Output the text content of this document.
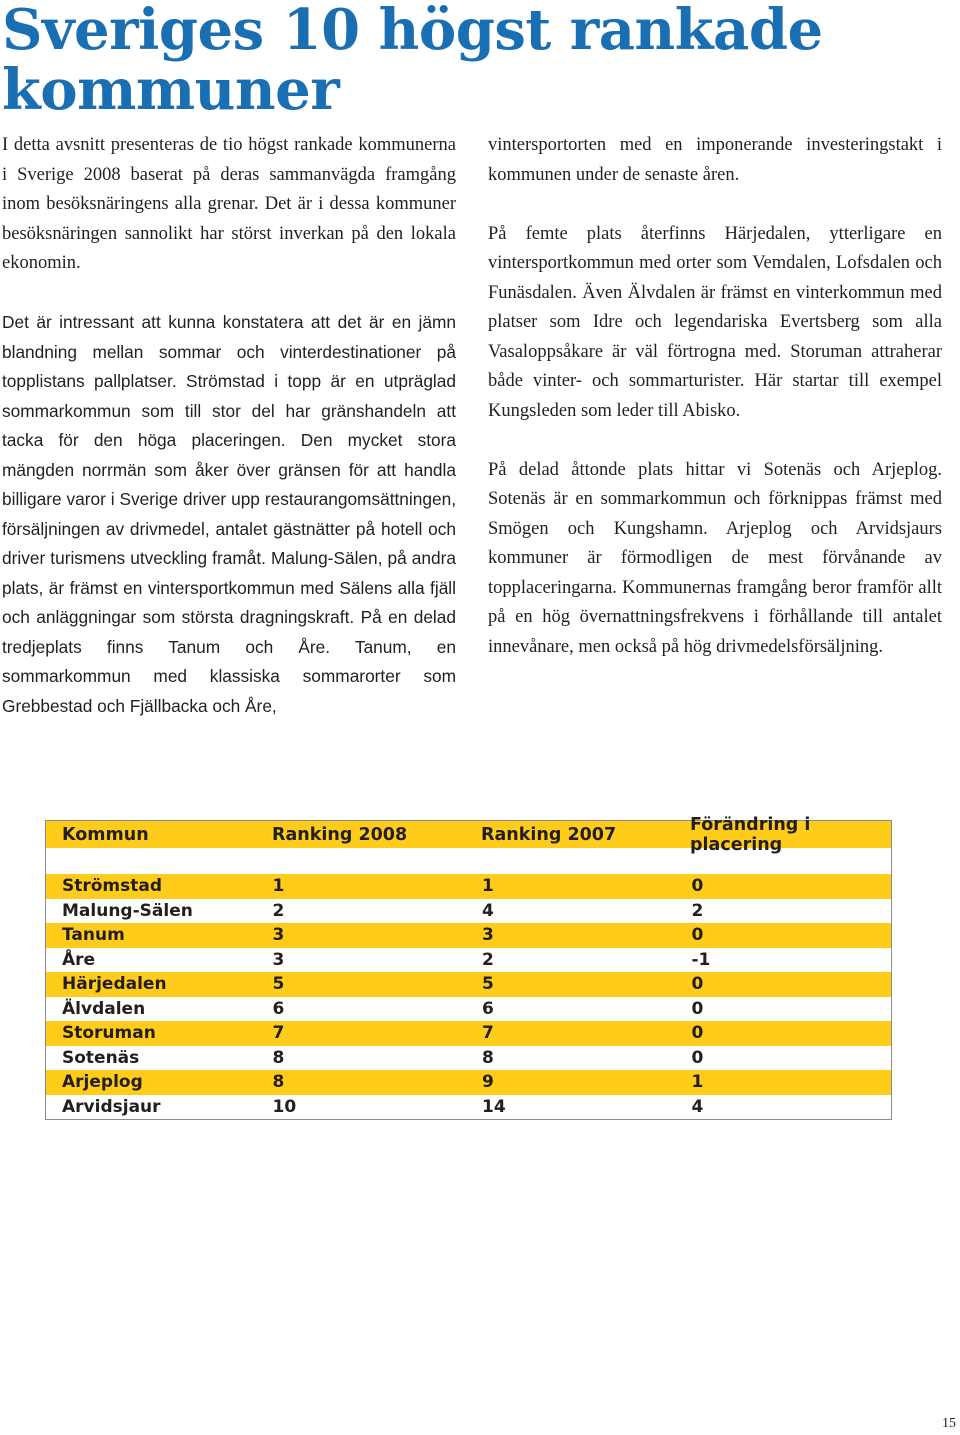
Sveriges 10 högst rankade kommuner

I detta avsnitt presenteras de tio högst rankade kommunerna i Sverige 2008 baserat på deras sammanvägda framgång inom besöksnäringens alla grenar. Det är i dessa kommuner besöksnäringen sannolikt har störst inverkan på den lokala ekonomin.

Det är intressant att kunna konstatera att det är en jämn blandning mellan sommar och vinterdestinationer på topplistans pallplatser. Strömstad i topp är en utpräglad sommarkommun som till stor del har gränshandeln att tacka för den höga placeringen. Den mycket stora mängden norrmän som åker över gränsen för att handla billigare varor i Sverige driver upp restaurangomsättningen, försäljningen av drivmedel, antalet gästnätter på hotell och driver turismens utveckling framåt. Malung-Sälen, på andra plats, är främst en vintersportkommun med Sälens alla fjäll och anläggningar som största dragningskraft. På en delad tredjeplats finns Tanum och Åre. Tanum, en sommarkommun med klassiska sommarorter som Grebbestad och Fjällbacka och Åre,

vintersportorten med en imponerande investeringstakt i kommunen under de senaste åren.

På femte plats återfinns Härjedalen, ytterligare en vintersportkommun med orter som Vemdalen, Lofsdalen och Funäsdalen. Även Älvdalen är främst en vinterkommun med platser som Idre och legendariska Evertsberg som alla Vasaloppsåkare är väl förtrogna med. Storuman attraherar både vinter- och sommarturister. Här startar till exempel Kungsleden som leder till Abisko.

På delad åttonde plats hittar vi Sotenäs och Arjeplog. Sotenäs är en sommarkommun och förknippas främst med Smögen och Kungshamn. Arjeplog och Arvidsjaurs kommuner är förmodligen de mest förvånande av topplaceringarna. Kommunernas framgång beror framför allt på en hög övernattningsfrekvens i förhållande till antalet innevånare, men också på hög drivmedelsförsäljning.

Kommun	Ranking 2008	Ranking 2007	Förändring i placering
Strömstad	1	1	0
Malung-Sälen	2	4	2
Tanum	3	3	0
Åre	3	2	-1
Härjedalen	5	5	0
Älvdalen	6	6	0
Storuman	7	7	0
Sotenäs	8	8	0
Arjeplog	8	9	1
Arvidsjaur	10	14	4
15
